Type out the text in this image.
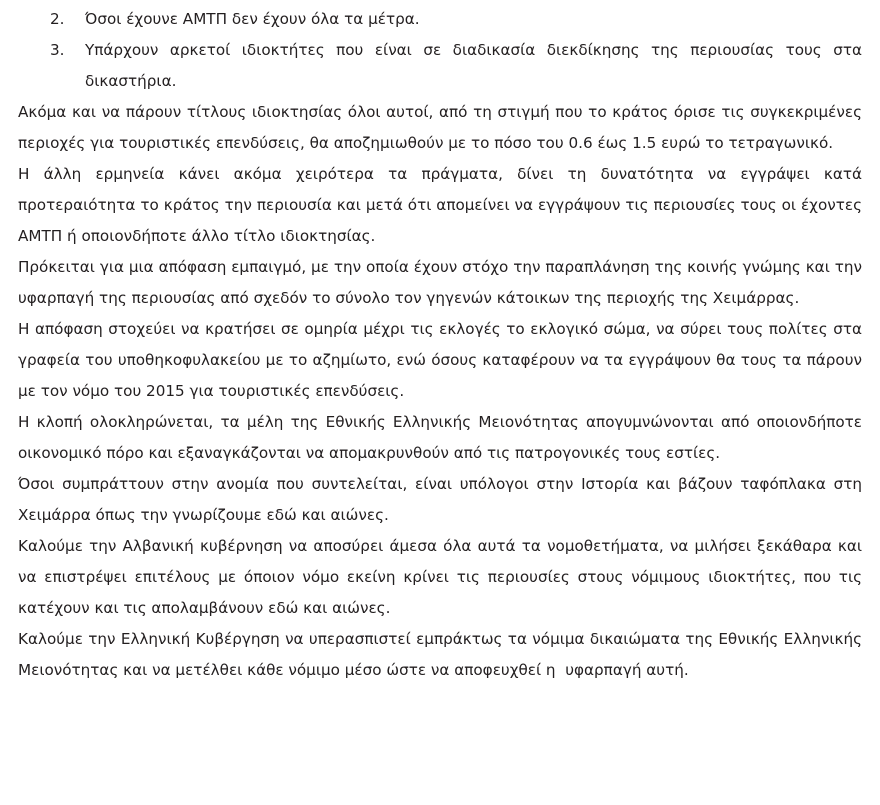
2.	Όσοι έχουνε ΑΜΤΠ δεν έχουν όλα τα μέτρα.
3.	Υπάρχουν αρκετοί ιδιοκτήτες που είναι σε διαδικασία διεκδίκησης της περιουσίας τους στα δικαστήρια.

Ακόμα και να πάρουν τίτλους ιδιοκτησίας όλοι αυτοί, από τη στιγμή που το κράτος όρισε τις συγκεκριμένες περιοχές για τουριστικές επενδύσεις, θα αποζημιωθούν με το πόσο του 0.6 έως 1.5 ευρώ το τετραγωνικό.

Η άλλη ερμηνεία κάνει ακόμα χειρότερα τα πράγματα, δίνει τη δυνατότητα να εγγράψει κατά προτεραιότητα το κράτος την περιουσία και μετά ότι απομείνει να εγγράψουν τις περιουσίες τους οι έχοντες ΑΜΤΠ ή οποιονδήποτε άλλο τίτλο ιδιοκτησίας.

Πρόκειται για μια απόφαση εμπαιγμό, με την οποία έχουν στόχο την παραπλάνηση της κοινής γνώμης και την υφαρπαγή της περιουσίας από σχεδόν το σύνολο τον γηγενών κάτοικων της περιοχής της Χειμάρρας.

Η απόφαση στοχεύει να κρατήσει σε ομηρία μέχρι τις εκλογές το εκλογικό σώμα, να σύρει τους πολίτες στα γραφεία του υποθηκοφυλακείου με το αζημίωτο, ενώ όσους καταφέρουν να τα εγγράψουν θα τους τα πάρουν με τον νόμο του 2015 για τουριστικές επενδύσεις.

Η κλοπή ολοκληρώνεται, τα μέλη της Εθνικής Ελληνικής Μειονότητας απογυμνώνονται από οποιονδήποτε οικονομικό πόρο και εξαναγκάζονται να απομακρυνθούν από τις πατρογονικές τους εστίες.

Όσοι συμπράττουν στην ανομία που συντελείται, είναι υπόλογοι στην Ιστορία και βάζουν ταφόπλακα στη Χειμάρρα όπως την γνωρίζουμε εδώ και αιώνες.

Καλούμε την Αλβανική κυβέρνηση να αποσύρει άμεσα όλα αυτά τα νομοθετήματα, να μιλήσει ξεκάθαρα και να επιστρέψει επιτέλους με όποιον νόμο εκείνη κρίνει τις περιουσίες στους νόμιμους ιδιοκτήτες, που τις κατέχουν και τις απολαμβάνουν εδώ και αιώνες.

Καλούμε την Ελληνική Κυβέργηση να υπερασπιστεί εμπράκτως τα νόμιμα δικαιώματα της Εθνικής Ελληνικής Μειονότητας και να μετέλθει κάθε νόμιμο μέσο ώστε να αποφευχθεί η  υφαρπαγή αυτή.
